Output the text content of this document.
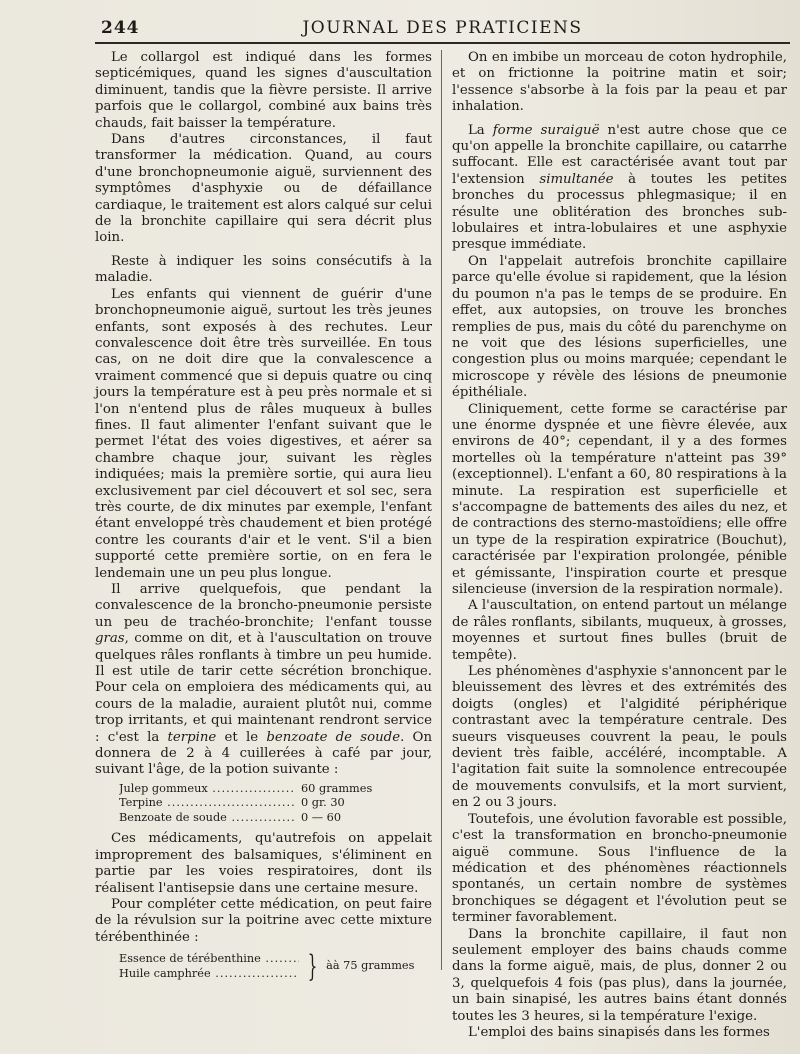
244	JOURNAL DES PRATICIENS

Le collargol est indiqué dans les formes septicémiques, quand les signes d'auscultation diminuent, tandis que la fièvre persiste. Il arrive parfois que le collargol, combiné aux bains très chauds, fait baisser la température.

Dans d'autres circonstances, il faut transformer la médication. Quand, au cours d'une bronchopneumonie aiguë, surviennent des symptômes d'asphyxie ou de défaillance cardiaque, le traitement est alors calqué sur celui de la bronchite capillaire qui sera décrit plus loin.

Reste à indiquer les soins consécutifs à la maladie.

Les enfants qui viennent de guérir d'une bronchopneumonie aiguë, surtout les très jeunes enfants, sont exposés à des rechutes. Leur convalescence doit être très surveillée. En tous cas, on ne doit dire que la convalescence a vraiment commencé que si depuis quatre ou cinq jours la température est à peu près normale et si l'on n'entend plus de râles muqueux à bulles fines. Il faut alimenter l'enfant suivant que le permet l'état des voies digestives, et aérer sa chambre chaque jour, suivant les règles indiquées; mais la première sortie, qui aura lieu exclusivement par ciel découvert et sol sec, sera très courte, de dix minutes par exemple, l'enfant étant enveloppé très chaudement et bien protégé contre les courants d'air et le vent. S'il a bien supporté cette première sortie, on en fera le lendemain une un peu plus longue.

Il arrive quelquefois, que pendant la convalescence de la broncho-pneumonie persiste un peu de trachéo-bronchite; l'enfant tousse gras, comme on dit, et à l'auscultation on trouve quelques râles ronflants à timbre un peu humide. Il est utile de tarir cette sécrétion bronchique. Pour cela on emploiera des médicaments qui, au cours de la maladie, auraient plutôt nui, comme trop irritants, et qui maintenant rendront service : c'est la terpine et le benzoate de soude. On donnera de 2 à 4 cuillerées à café par jour, suivant l'âge, de la potion suivante :

Julep gommeux .....	60 grammes
Terpine .....	0 gr. 30
Benzoate de soude .....	0 — 60

Ces médicaments, qu'autrefois on appelait improprement des balsamiques, s'éliminent en partie par les voies respiratoires, dont ils réalisent l'antisepsie dans une certaine mesure.

Pour compléter cette médication, on peut faire de la révulsion sur la poitrine avec cette mixture térébenthinée :

Essence de térébenthine .....
Huile camphrée .....	} àà 75 grammes

On en imbibe un morceau de coton hydrophile, et on frictionne la poitrine matin et soir; l'essence s'absorbe à la fois par la peau et par inhalation.

La forme suraiguë n'est autre chose que ce qu'on appelle la bronchite capillaire, ou catarrhe suffocant. Elle est caractérisée avant tout par l'extension simultanée à toutes les petites bronches du processus phlegmasique; il en résulte une oblitération des bronches sub-lobulaires et intra-lobulaires et une asphyxie presque immédiate.

On l'appelait autrefois bronchite capillaire parce qu'elle évolue si rapidement, que la lésion du poumon n'a pas le temps de se produire. En effet, aux autopsies, on trouve les bronches remplies de pus, mais du côté du parenchyme on ne voit que des lésions superficielles, une congestion plus ou moins marquée; cependant le microscope y révèle des lésions de pneumonie épithéliale.

Cliniquement, cette forme se caractérise par une énorme dyspnée et une fièvre élevée, aux environs de 40°; cependant, il y a des formes mortelles où la température n'atteint pas 39° (exceptionnel). L'enfant a 60, 80 respirations à la minute. La respiration est superficielle et s'accompagne de battements des ailes du nez, et de contractions des sterno-mastoïdiens; elle offre un type de la respiration expiratrice (Bouchut), caractérisée par l'expiration prolongée, pénible et gémissante, l'inspiration courte et presque silencieuse (inversion de la respiration normale).

A l'auscultation, on entend partout un mélange de râles ronflants, sibilants, muqueux, à grosses, moyennes et surtout fines bulles (bruit de tempête).

Les phénomènes d'asphyxie s'annoncent par le bleuissement des lèvres et des extrémités des doigts (ongles) et l'algidité périphérique contrastant avec la température centrale. Des sueurs visqueuses couvrent la peau, le pouls devient très faible, accéléré, incomptable. A l'agitation fait suite la somnolence entrecoupée de mouvements convulsifs, et la mort survient, en 2 ou 3 jours.

Toutefois, une évolution favorable est possible, c'est la transformation en broncho-pneumonie aiguë commune. Sous l'influence de la médication et des phénomènes réactionnels spontanés, un certain nombre de systèmes bronchiques se dégagent et l'évolution peut se terminer favorablement.

Dans la bronchite capillaire, il faut non seulement employer des bains chauds comme dans la forme aiguë, mais, de plus, donner 2 ou 3, quelquefois 4 fois (pas plus), dans la journée, un bain sinapisé, les autres bains étant donnés toutes les 3 heures, si la température l'exige.

L'emploi des bains sinapisés dans les formes
